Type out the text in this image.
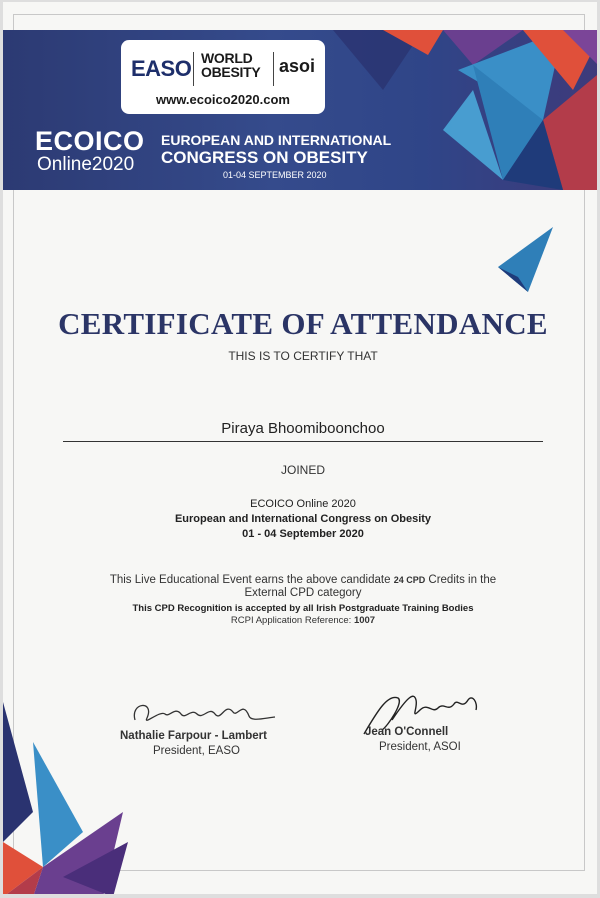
EASO WORLD
OBESITY asoi
www.ecoico2020.com
ECOICO
Online2020
EUROPEAN AND INTERNATIONAL
CONGRESS ON OBESITY
01-04 SEPTEMBER 2020
CERTIFICATE OF ATTENDANCE
THIS IS TO CERTIFY THAT
Piraya Bhoomiboonchoo
JOINED
ECOICO Online 2020
European and International Congress on Obesity
01 - 04 September 2020
This Live Educational Event earns the above candidate 24 CPD Credits in the
External CPD category
This CPD Recognition is accepted by all Irish Postgraduate Training Bodies
RCPI Application Reference: 1007
Nathalie Farpour - Lambert
President, EASO
Jean O'Connell
President, ASOI
